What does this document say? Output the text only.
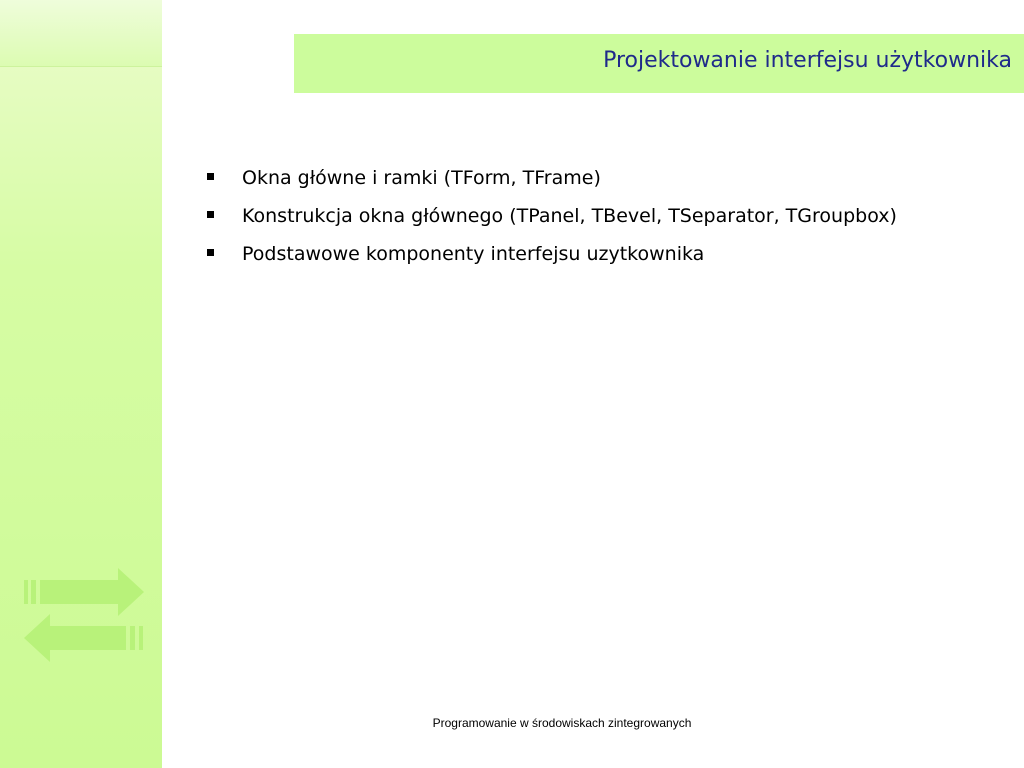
Projektowanie interfejsu użytkownika
Okna główne i ramki (TForm, TFrame)
Konstrukcja okna głównego (TPanel, TBevel, TSeparator, TGroupbox)
Podstawowe komponenty interfejsu uzytkownika
Programowanie w środowiskach zintegrowanych
